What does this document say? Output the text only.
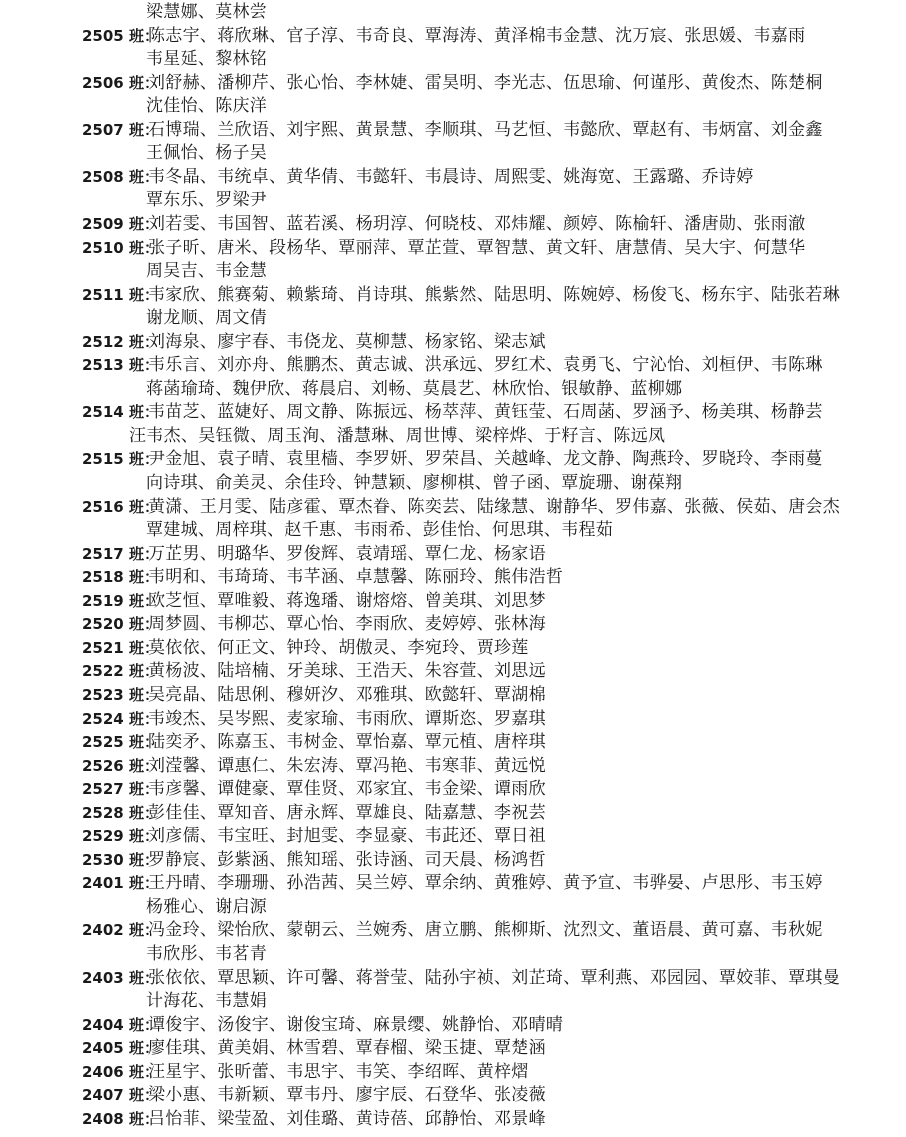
梁慧娜、莫林尝
2505 班：
陈志宇、蒋欣琳、官子淳、韦奇良、覃海涛、黄泽棉韦金慧、沈万宸、张思媛、韦嘉雨
韦星延、黎林铭
2506 班：
刘舒赫、潘柳芹、张心怡、李林婕、雷昊明、李光志、伍思瑜、何谨彤、黄俊杰、陈楚桐
沈佳怡、陈庆洋
2507 班：
石博瑞、兰欣语、刘宇熙、黄景慧、李顺琪、马艺恒、韦懿欣、覃赵有、韦炳富、刘金鑫
王佩怡、杨子吴
2508 班：
韦冬晶、韦统卓、黄华倩、韦懿轩、韦晨诗、周熙雯、姚海宽、王露璐、乔诗婷
覃东乐、罗梁尹
2509 班：
刘若雯、韦国智、蓝若溪、杨玥淳、何晓枝、邓炜耀、颜婷、陈榆轩、潘唐勋、张雨澈
2510 班：
张子昕、唐米、段杨华、覃丽萍、覃芷萱、覃智慧、黄文轩、唐慧倩、吴大宇、何慧华
周吴吉、韦金慧
2511 班：
韦家欣、熊赛菊、赖紫琦、肖诗琪、熊紫然、陆思明、陈婉婷、杨俊飞、杨东宇、陆张若琳
谢龙顺、周文倩
2512 班：
刘海泉、廖宇春、韦侥龙、莫柳慧、杨家铭、梁志斌
2513 班：
韦乐言、刘亦舟、熊鹏杰、黄志诚、洪承远、罗红术、袁勇飞、宁沁怡、刘桓伊、韦陈琳
蒋菡瑜琦、魏伊欣、蒋晨启、刘畅、莫晨艺、林欣怡、银敏静、蓝柳娜
2514 班：
韦苗芝、蓝婕好、周文静、陈振远、杨萃萍、黄钰莹、石周菡、罗涵予、杨美琪、杨静芸
汪韦杰、吴钰微、周玉洵、潘慧琳、周世博、梁梓烨、于籽言、陈远凤
2515 班：
尹金旭、袁子晴、袁里樯、李罗妍、罗荣昌、关越峰、龙文静、陶燕玲、罗晓玲、李雨蔓
向诗琪、俞美灵、余佳玲、钟慧颖、廖柳棋、曾子函、覃旋珊、谢葆翔
2516 班：
黄潇、王月雯、陆彦霍、覃杰眷、陈奕芸、陆缘慧、谢静华、罗伟嘉、张薇、侯茹、唐会杰
覃建城、周梓琪、赵千惠、韦雨希、彭佳怡、何思琪、韦程茹
2517 班：
万芷男、明璐华、罗俊辉、袁靖瑶、覃仁龙、杨家语
2518 班：
韦明和、韦琦琦、韦芊涵、卓慧馨、陈丽玲、熊伟浩哲
2519 班：
欧芝恒、覃唯毅、蒋逸璠、谢熔熔、曾美琪、刘思梦
2520 班：
周梦圆、韦柳芯、覃心怡、李雨欣、麦婷婷、张林海
2521 班：
莫依依、何正文、钟玲、胡傲灵、李宛玲、贾珍莲
2522 班：
黄杨波、陆培楠、牙美球、王浩天、朱容萱、刘思远
2523 班：
吴亮晶、陆思俐、穆妍汐、邓雅琪、欧懿轩、覃湖棉
2524 班：
韦竣杰、吴岑熙、麦家瑜、韦雨欣、谭斯恣、罗嘉琪
2525 班：
陆奕矛、陈嘉玉、韦树金、覃怡嘉、覃元植、唐梓琪
2526 班：
刘滢馨、谭惠仁、朱宏涛、覃冯艳、韦寒菲、黄远悦
2527 班：
韦彦馨、谭健豪、覃佳贤、邓家宜、韦金梁、谭雨欣
2528 班：
彭佳佳、覃知音、唐永辉、覃雄良、陆嘉慧、李祝芸
2529 班：
刘彦儒、韦宝旺、封旭雯、李显豪、韦茈还、覃日祖
2530 班：
罗静宸、彭紫涵、熊知瑶、张诗涵、司天晨、杨鸿哲
2401 班：
王丹晴、李珊珊、孙浩茜、吴兰婷、覃余纳、黄雅婷、黄予宣、韦骅晏、卢思彤、韦玉婷
杨雅心、谢启源
2402 班：
冯金玲、梁怡欣、蒙朝云、兰婉秀、唐立鹏、熊柳斯、沈烈文、董语晨、黄可嘉、韦秋妮
韦欣彤、韦茗青
2403 班：
张依依、覃思颖、许可馨、蒋誉莹、陆孙宇祯、刘芷琦、覃利燕、邓园园、覃姣菲、覃琪曼
计海花、韦慧娟
2404 班：
谭俊宇、汤俊宇、谢俊宝琦、麻景缨、姚静怡、邓晴晴
2405 班：
廖佳琪、黄美娟、林雪碧、覃春榴、梁玉捷、覃楚涵
2406 班：
汪星宇、张昕蕾、韦思宇、韦笑、李绍晖、黄梓熠
2407 班：
梁小惠、韦新颖、覃韦丹、廖宇辰、石登华、张凌薇
2408 班：
吕怡菲、梁莹盈、刘佳璐、黄诗蓓、邱静怡、邓景峰
